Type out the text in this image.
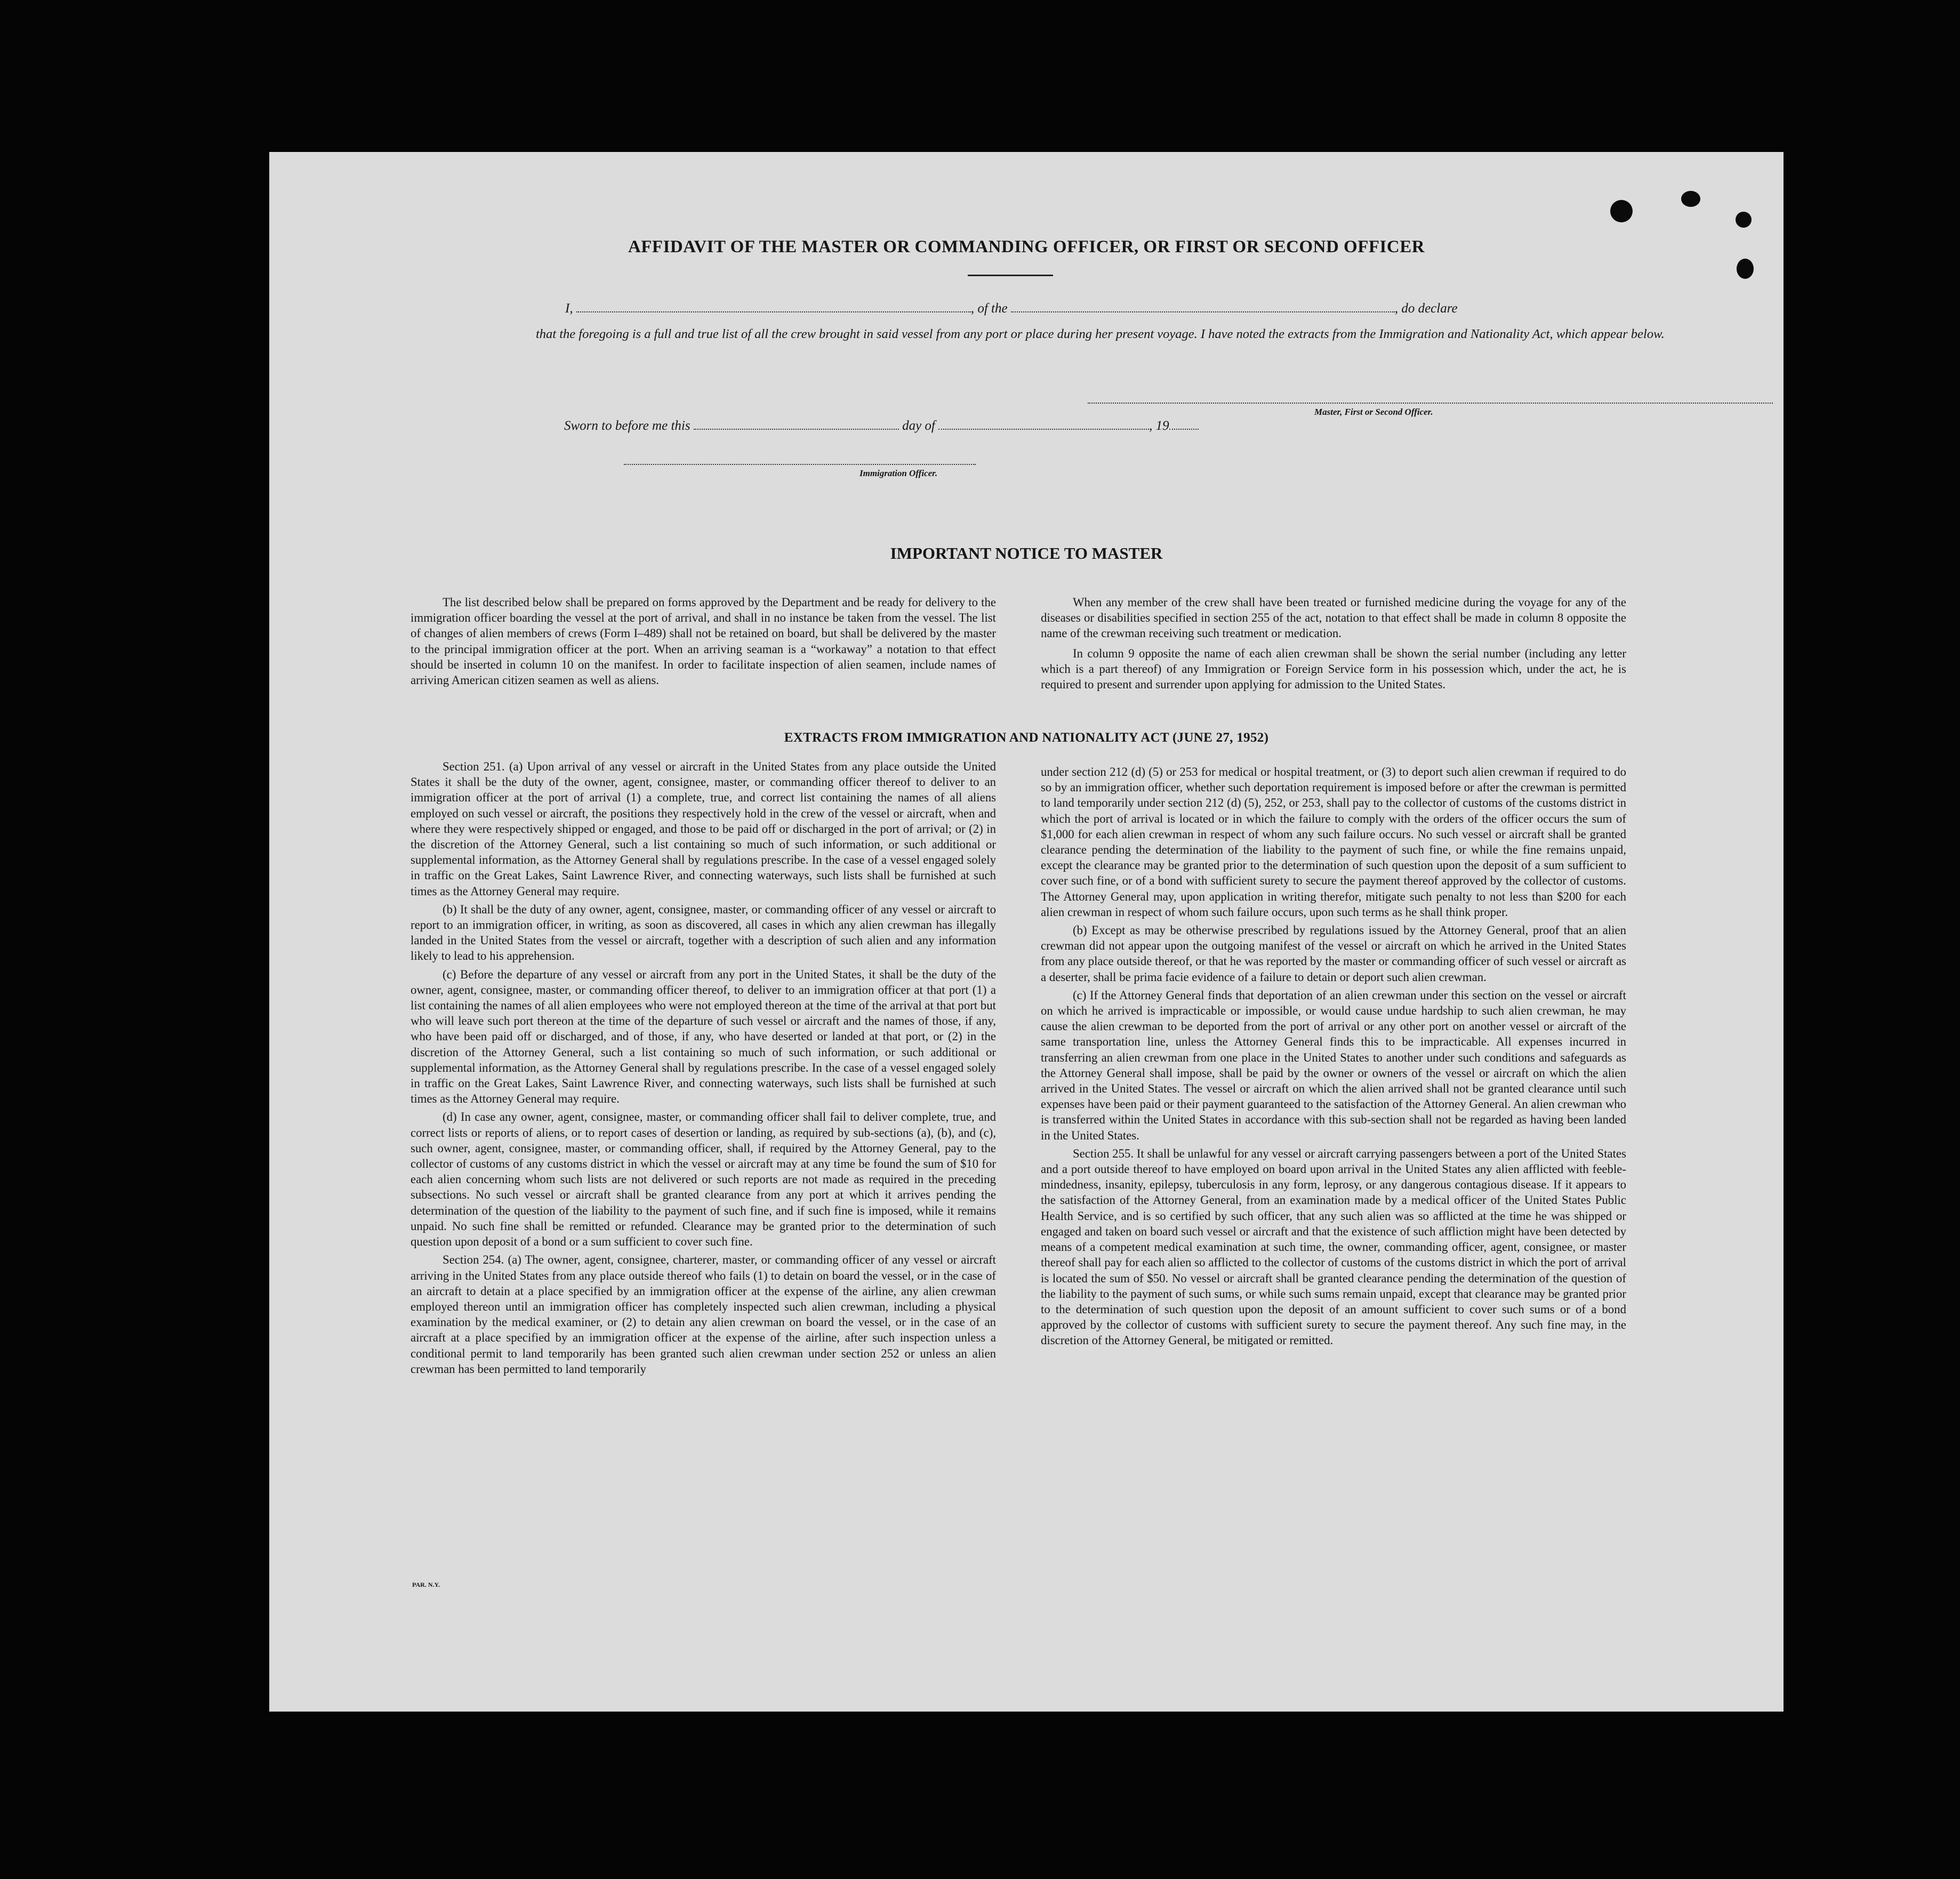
AFFIDAVIT OF THE MASTER OR COMMANDING OFFICER, OR FIRST OR SECOND OFFICER
I,	, of the	, do declare
that the foregoing is a full and true list of all the crew brought in said vessel from any port or place during her present voyage. I have noted the extracts from the Immigration and Nationality Act, which appear below.
Master, First or Second Officer.
Sworn to before me this	day of	, 19
Immigration Officer.
IMPORTANT NOTICE TO MASTER

The list described below shall be prepared on forms approved by the Department and be ready for delivery to the immigration officer boarding the vessel at the port of arrival, and shall in no instance be taken from the vessel. The list of changes of alien members of crews (Form I–489) shall not be retained on board, but shall be delivered by the master to the principal immigration officer at the port. When an arriving seaman is a “workaway” a notation to that effect should be inserted in column 10 on the manifest. In order to facilitate inspection of alien seamen, include names of arriving American citizen seamen as well as aliens.

When any member of the crew shall have been treated or furnished medicine during the voyage for any of the diseases or disabilities specified in section 255 of the act, notation to that effect shall be made in column 8 opposite the name of the crewman receiving such treatment or medication.

In column 9 opposite the name of each alien crewman shall be shown the serial number (including any letter which is a part thereof) of any Immigration or Foreign Service form in his possession which, under the act, he is required to present and surrender upon applying for admission to the United States.

EXTRACTS FROM IMMIGRATION AND NATIONALITY ACT (JUNE 27, 1952)

Section 251. (a) Upon arrival of any vessel or aircraft in the United States from any place outside the United States it shall be the duty of the owner, agent, consignee, master, or commanding officer thereof to deliver to an immigration officer at the port of arrival (1) a complete, true, and correct list containing the names of all aliens employed on such vessel or aircraft, the positions they respectively hold in the crew of the vessel or aircraft, when and where they were respectively shipped or engaged, and those to be paid off or discharged in the port of arrival; or (2) in the discretion of the Attorney General, such a list containing so much of such information, or such additional or supplemental information, as the Attorney General shall by regulations prescribe. In the case of a vessel engaged solely in traffic on the Great Lakes, Saint Lawrence River, and connecting waterways, such lists shall be furnished at such times as the Attorney General may require.

(b) It shall be the duty of any owner, agent, consignee, master, or commanding officer of any vessel or aircraft to report to an immigration officer, in writing, as soon as discovered, all cases in which any alien crewman has illegally landed in the United States from the vessel or aircraft, together with a description of such alien and any information likely to lead to his apprehension.

(c) Before the departure of any vessel or aircraft from any port in the United States, it shall be the duty of the owner, agent, consignee, master, or commanding officer thereof, to deliver to an immigration officer at that port (1) a list containing the names of all alien employees who were not employed thereon at the time of the arrival at that port but who will leave such port thereon at the time of the departure of such vessel or aircraft and the names of those, if any, who have been paid off or discharged, and of those, if any, who have deserted or landed at that port, or (2) in the discretion of the Attorney General, such a list containing so much of such information, or such additional or supplemental information, as the Attorney General shall by regulations prescribe. In the case of a vessel engaged solely in traffic on the Great Lakes, Saint Lawrence River, and connecting waterways, such lists shall be furnished at such times as the Attorney General may require.

(d) In case any owner, agent, consignee, master, or commanding officer shall fail to deliver complete, true, and correct lists or reports of aliens, or to report cases of desertion or landing, as required by sub-sections (a), (b), and (c), such owner, agent, consignee, master, or commanding officer, shall, if required by the Attorney General, pay to the collector of customs of any customs district in which the vessel or aircraft may at any time be found the sum of $10 for each alien concerning whom such lists are not delivered or such reports are not made as required in the preceding subsections. No such vessel or aircraft shall be granted clearance from any port at which it arrives pending the determination of the question of the liability to the payment of such fine, and if such fine is imposed, while it remains unpaid. No such fine shall be remitted or refunded. Clearance may be granted prior to the determination of such question upon deposit of a bond or a sum sufficient to cover such fine.

Section 254. (a) The owner, agent, consignee, charterer, master, or commanding officer of any vessel or aircraft arriving in the United States from any place outside thereof who fails (1) to detain on board the vessel, or in the case of an aircraft to detain at a place specified by an immigration officer at the expense of the airline, any alien crewman employed thereon until an immigration officer has completely inspected such alien crewman, including a physical examination by the medical examiner, or (2) to detain any alien crewman on board the vessel, or in the case of an aircraft at a place specified by an immigration officer at the expense of the airline, after such inspection unless a conditional permit to land temporarily has been granted such alien crewman under section 252 or unless an alien crewman has been permitted to land temporarily

under section 212 (d) (5) or 253 for medical or hospital treatment, or (3) to deport such alien crewman if required to do so by an immigration officer, whether such deportation requirement is imposed before or after the crewman is permitted to land temporarily under section 212 (d) (5), 252, or 253, shall pay to the collector of customs of the customs district in which the port of arrival is located or in which the failure to comply with the orders of the officer occurs the sum of $1,000 for each alien crewman in respect of whom any such failure occurs. No such vessel or aircraft shall be granted clearance pending the determination of the liability to the payment of such fine, or while the fine remains unpaid, except the clearance may be granted prior to the determination of such question upon the deposit of a sum sufficient to cover such fine, or of a bond with sufficient surety to secure the payment thereof approved by the collector of customs. The Attorney General may, upon application in writing therefor, mitigate such penalty to not less than $200 for each alien crewman in respect of whom such failure occurs, upon such terms as he shall think proper.

(b) Except as may be otherwise prescribed by regulations issued by the Attorney General, proof that an alien crewman did not appear upon the outgoing manifest of the vessel or aircraft on which he arrived in the United States from any place outside thereof, or that he was reported by the master or commanding officer of such vessel or aircraft as a deserter, shall be prima facie evidence of a failure to detain or deport such alien crewman.

(c) If the Attorney General finds that deportation of an alien crewman under this section on the vessel or aircraft on which he arrived is impracticable or impossible, or would cause undue hardship to such alien crewman, he may cause the alien crewman to be deported from the port of arrival or any other port on another vessel or aircraft of the same transportation line, unless the Attorney General finds this to be impracticable. All expenses incurred in transferring an alien crewman from one place in the United States to another under such conditions and safeguards as the Attorney General shall impose, shall be paid by the owner or owners of the vessel or aircraft on which the alien arrived in the United States. The vessel or aircraft on which the alien arrived shall not be granted clearance until such expenses have been paid or their payment guaranteed to the satisfaction of the Attorney General. An alien crewman who is transferred within the United States in accordance with this sub-section shall not be regarded as having been landed in the United States.

Section 255. It shall be unlawful for any vessel or aircraft carrying passengers between a port of the United States and a port outside thereof to have employed on board upon arrival in the United States any alien afflicted with feeble-mindedness, insanity, epilepsy, tuberculosis in any form, leprosy, or any dangerous contagious disease. If it appears to the satisfaction of the Attorney General, from an examination made by a medical officer of the United States Public Health Service, and is so certified by such officer, that any such alien was so afflicted at the time he was shipped or engaged and taken on board such vessel or aircraft and that the existence of such affliction might have been detected by means of a competent medical examination at such time, the owner, commanding officer, agent, consignee, or master thereof shall pay for each alien so afflicted to the collector of customs of the customs district in which the port of arrival is located the sum of $50. No vessel or aircraft shall be granted clearance pending the determination of the question of the liability to the payment of such sums, or while such sums remain unpaid, except that clearance may be granted prior to the determination of such question upon the deposit of an amount sufficient to cover such sums or of a bond approved by the collector of customs with sufficient surety to secure the payment thereof. Any such fine may, in the discretion of the Attorney General, be mitigated or remitted.

PAR. N.Y.
